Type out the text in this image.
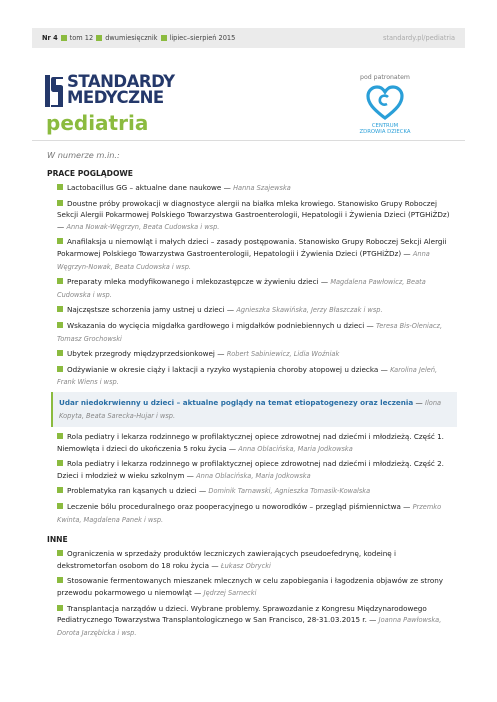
Nr 4 tom 12 dwumiesięcznik lipiec–sierpień 2015	standardy.pl/pediatria
STANDARDY
MEDYCZNE
pediatria
pod patronatem
CENTRUM
ZDROWIA DZIECKA
W numerze m.in.:
PRACE POGLĄDOWE
Lactobacillus GG – aktualne dane naukowe — Hanna Szajewska
Doustne próby prowokacji w diagnostyce alergii na białka mleka krowiego. Stanowisko Grupy Roboczej Sekcji Alergii Pokarmowej Polskiego Towarzystwa Gastroenterologii, Hepatologii i Żywienia Dzieci (PTGHiŻDz) — Anna Nowak-Węgrzyn, Beata Cudowska i wsp.
Anafilaksja u niemowląt i małych dzieci – zasady postępowania. Stanowisko Grupy Roboczej Sekcji Alergii Pokarmowej Polskiego Towarzystwa Gastroenterologii, Hepatologii i Żywienia Dzieci (PTGHiŻDz) — Anna Węgrzyn-Nowak, Beata Cudowska i wsp.
Preparaty mleka modyfikowanego i mlekozastępcze w żywieniu dzieci — Magdalena Pawłowicz, Beata Cudowska i wsp.
Najczęstsze schorzenia jamy ustnej u dzieci — Agnieszka Skawińska, Jerzy Błaszczak i wsp.
Wskazania do wycięcia migdałka gardłowego i migdałków podniebiennych u dzieci — Teresa Bis-Oleniacz, Tomasz Grochowski
Ubytek przegrody międzyprzedsionkowej — Robert Sabiniewicz, Lidia Woźniak
Odżywianie w okresie ciąży i laktacji a ryzyko wystąpienia choroby atopowej u dziecka — Karolina Jeleń, Frank Wiens i wsp.
Udar niedokrwienny u dzieci – aktualne poglądy na temat etiopatogenezy oraz leczenia — Ilona Kopyta, Beata Sarecka-Hujar i wsp.
Rola pediatry i lekarza rodzinnego w profilaktycznej opiece zdrowotnej nad dziećmi i młodzieżą. Część 1. Niemowlęta i dzieci do ukończenia 5 roku życia — Anna Oblacińska, Maria Jodkowska
Rola pediatry i lekarza rodzinnego w profilaktycznej opiece zdrowotnej nad dziećmi i młodzieżą. Część 2. Dzieci i młodzież w wieku szkolnym — Anna Oblacińska, Maria Jodkowska
Problematyka ran kąsanych u dzieci — Dominik Tarnawski, Agnieszka Tomasik-Kowalska
Leczenie bólu proceduralnego oraz pooperacyjnego u noworodków – przegląd piśmiennictwa — Przemko Kwinta, Magdalena Panek i wsp.
INNE
Ograniczenia w sprzedaży produktów leczniczych zawierających pseudoefedrynę, kodeinę i dekstrometorfan osobom do 18 roku życia — Łukasz Obrycki
Stosowanie fermentowanych mieszanek mlecznych w celu zapobiegania i łagodzenia objawów ze strony przewodu pokarmowego u niemowląt — Jędrzej Sarnecki
Transplantacja narządów u dzieci. Wybrane problemy. Sprawozdanie z Kongresu Międzynarodowego Pediatrycznego Towarzystwa Transplantologicznego w San Francisco, 28-31.03.2015 r. — Joanna Pawłowska, Dorota Jarzębicka i wsp.
